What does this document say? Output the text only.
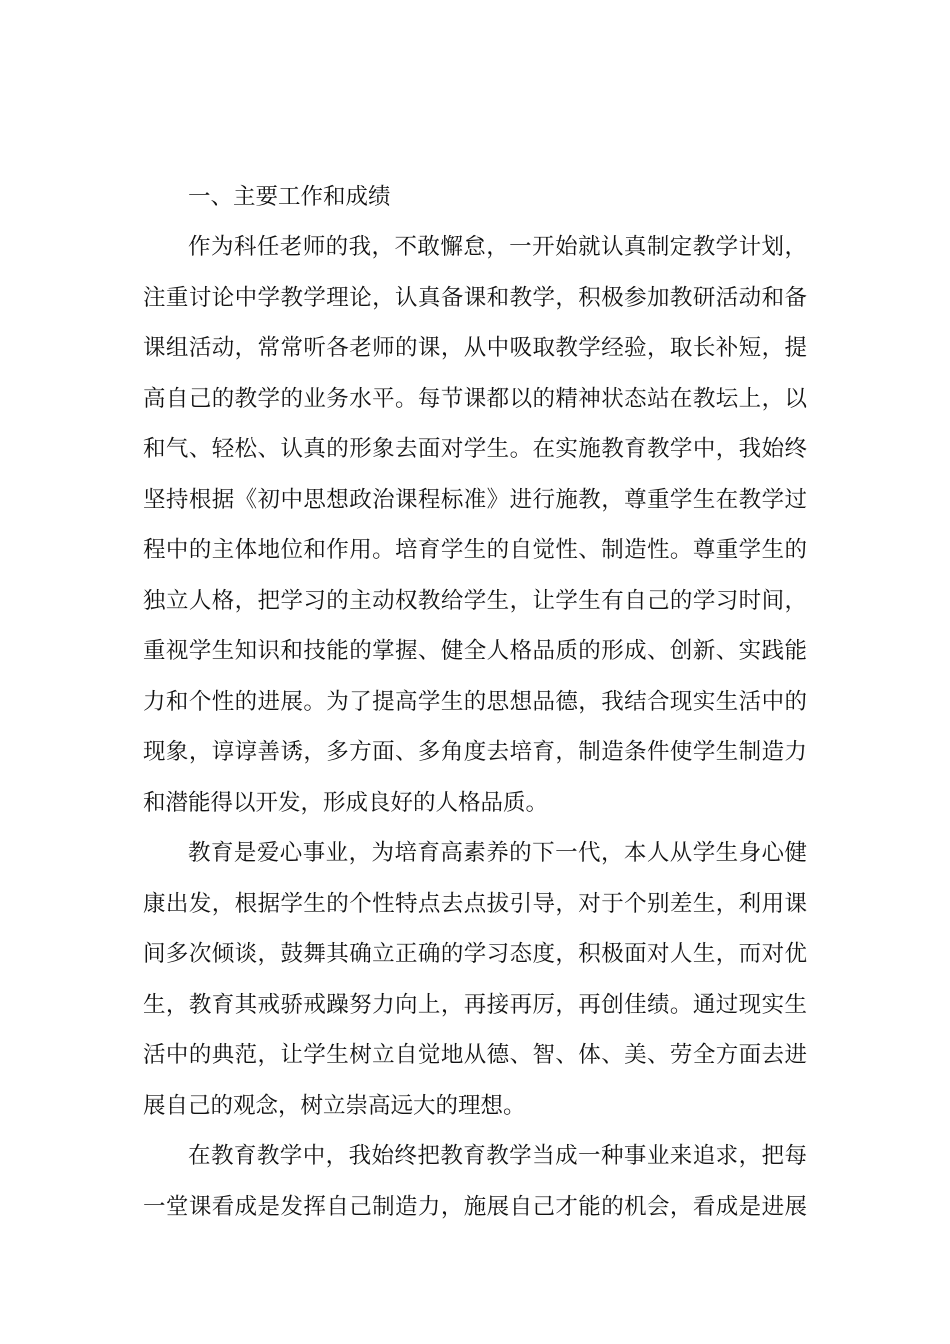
一、主要工作和成绩

作为科任老师的我，不敢懈怠，一开始就认真制定教学计划，
注重讨论中学教学理论，认真备课和教学，积极参加教研活动和备
课组活动，常常听各老师的课，从中吸取教学经验，取长补短，提
高自己的教学的业务水平。每节课都以的精神状态站在教坛上，以
和气、轻松、认真的形象去面对学生。在实施教育教学中，我始终
坚持根据《初中思想政治课程标准》进行施教，尊重学生在教学过
程中的主体地位和作用。培育学生的自觉性、制造性。尊重学生的
独立人格，把学习的主动权教给学生，让学生有自己的学习时间，
重视学生知识和技能的掌握、健全人格品质的形成、创新、实践能
力和个性的进展。为了提高学生的思想品德，我结合现实生活中的
现象，谆谆善诱，多方面、多角度去培育，制造条件使学生制造力
和潜能得以开发，形成良好的人格品质。

教育是爱心事业，为培育高素养的下一代，本人从学生身心健
康出发，根据学生的个性特点去点拔引导，对于个别差生，利用课
间多次倾谈，鼓舞其确立正确的学习态度，积极面对人生，而对优
生，教育其戒骄戒躁努力向上，再接再厉，再创佳绩。通过现实生
活中的典范，让学生树立自觉地从德、智、体、美、劳全方面去进
展自己的观念，树立崇高远大的理想。

在教育教学中，我始终把教育教学当成一种事业来追求，把每
一堂课看成是发挥自己制造力，施展自己才能的机会，看成是进展
